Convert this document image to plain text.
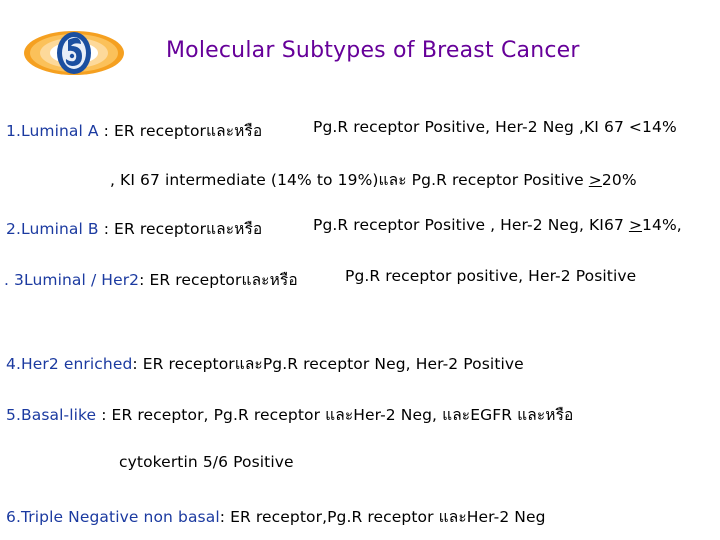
Molecular Subtypes of Breast Cancer
1.Luminal A : ER receptorและหรือ	Pg.R receptor Positive, Her-2 Neg ,KI 67 <14%
, KI 67 intermediate (14% to 19%)และ Pg.R receptor Positive ≥20%
2.Luminal B : ER receptorและหรือ	Pg.R receptor Positive , Her-2 Neg, KI67 ≥14%,
. 3Luminal / Her2: ER receptorและหรือ	Pg.R receptor positive, Her-2 Positive
4.Her2 enriched: ER receptorและPg.R receptor Neg, Her-2 Positive
5.Basal-like : ER receptor, Pg.R receptor และHer-2 Neg, และEGFR และหรือ
cytokertin 5/6 Positive
6.Triple Negative non basal: ER receptor,Pg.R receptor และHer-2 Neg
